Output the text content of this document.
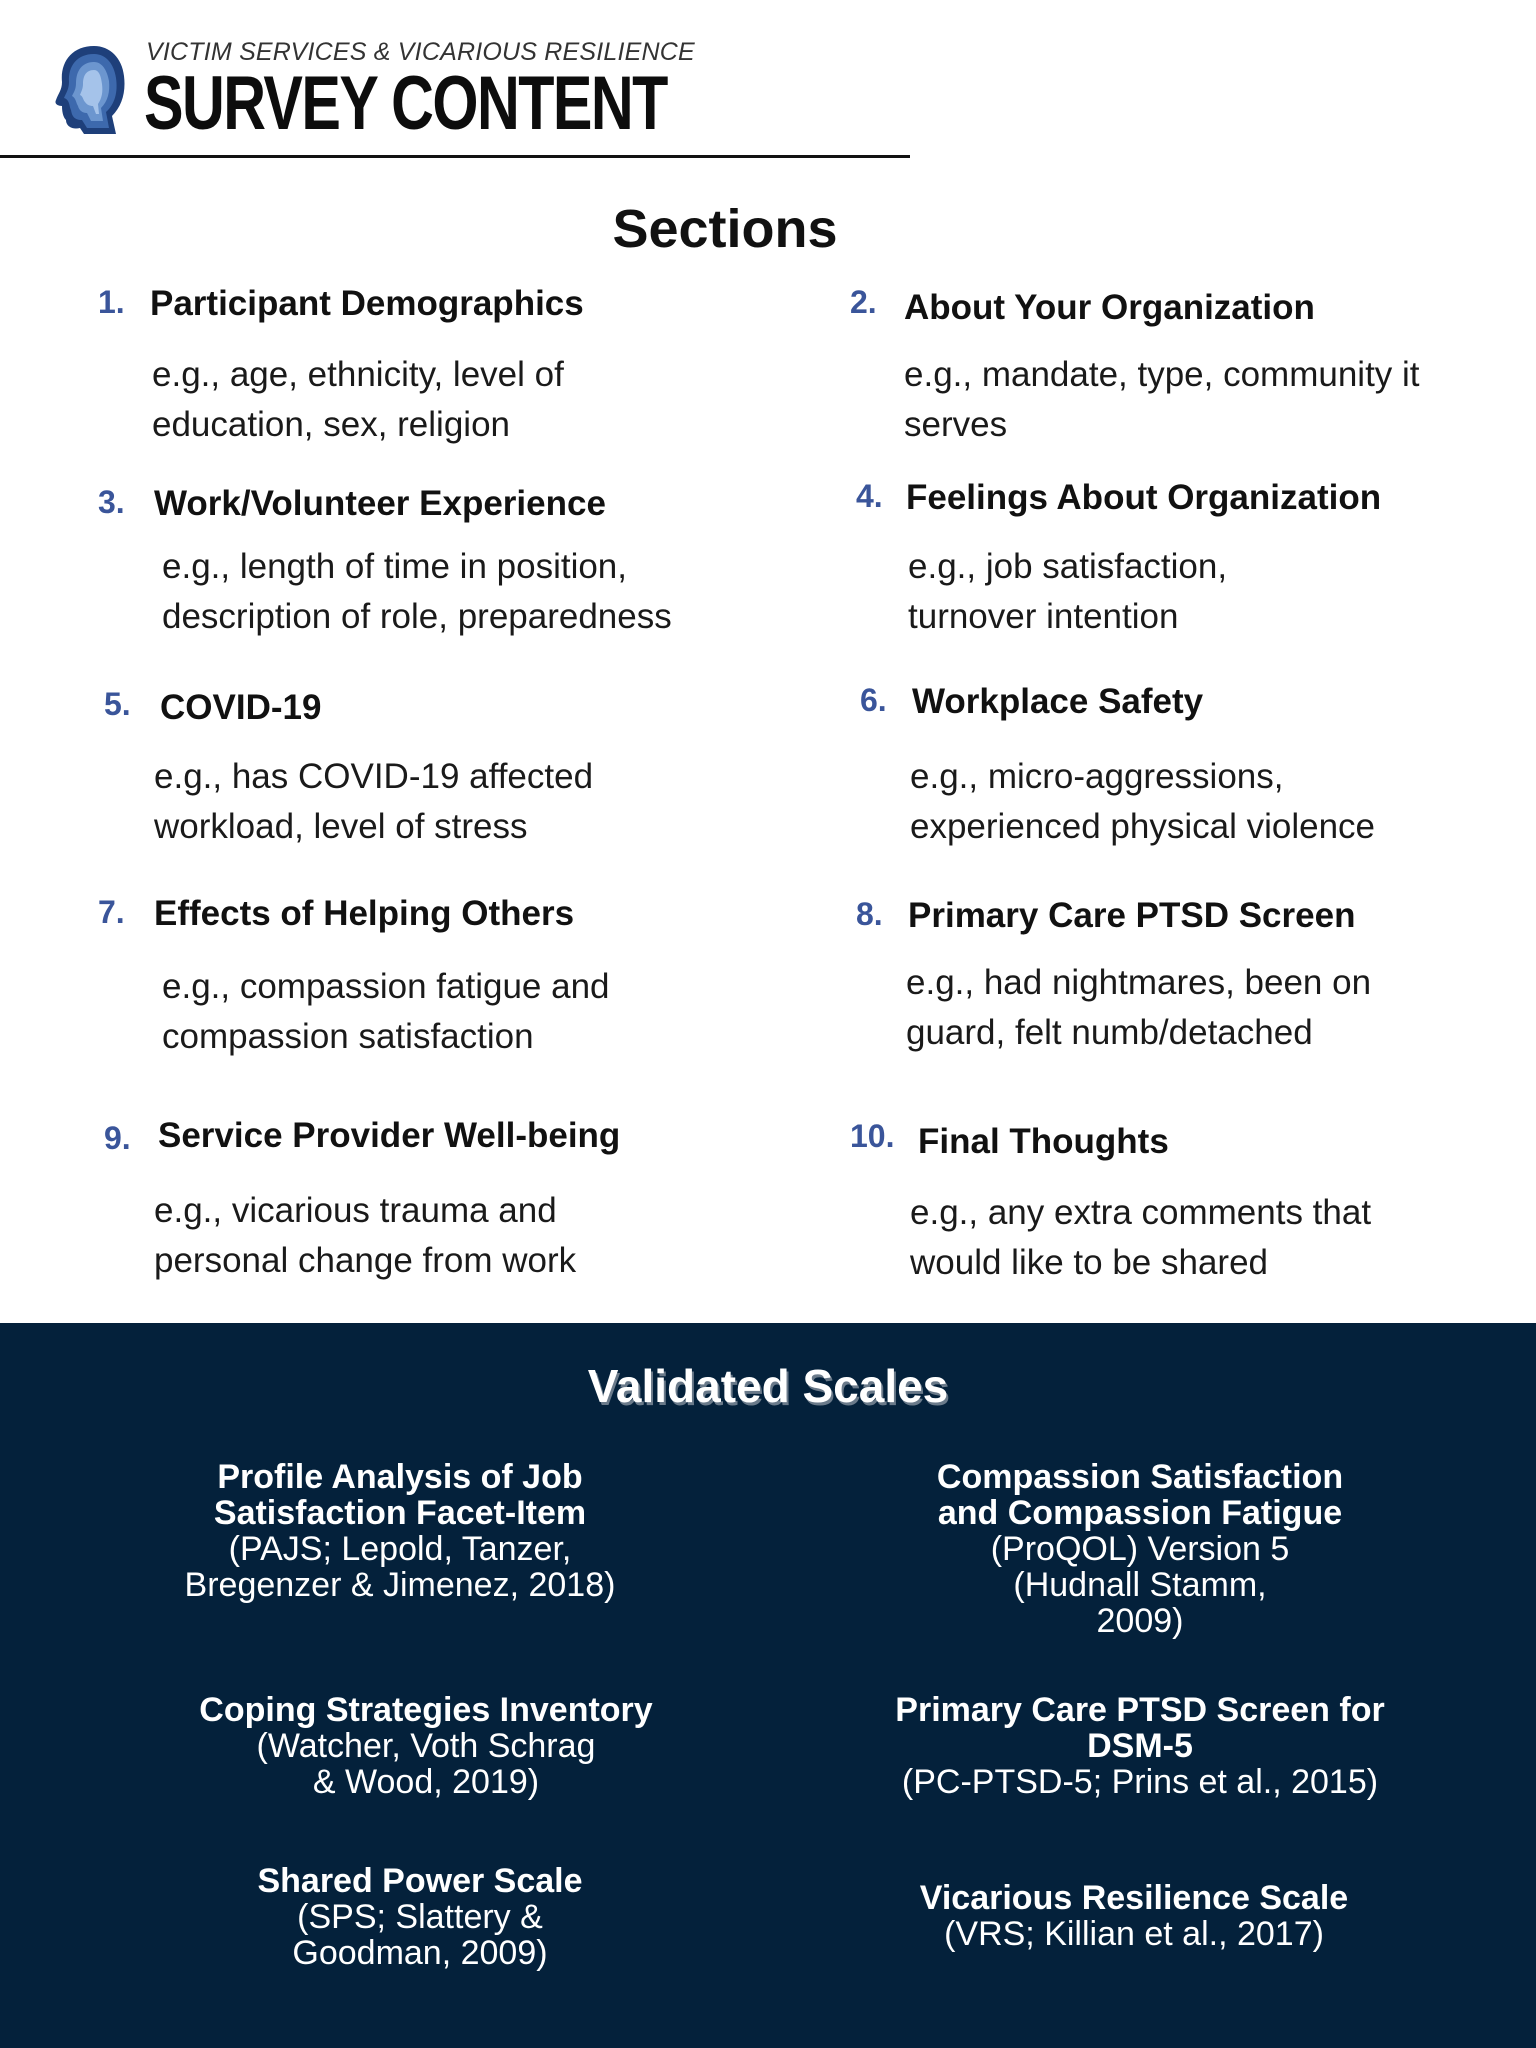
VICTIM SERVICES & VICARIOUS RESILIENCE
SURVEY CONTENT
Sections
1. Participant Demographics
e.g., age, ethnicity, level of education, sex, religion
2. About Your Organization
e.g., mandate, type, community it serves
3. Work/Volunteer Experience
e.g., length of time in position, description of role, preparedness
4. Feelings About Organization
e.g., job satisfaction, turnover intention
5. COVID-19
e.g., has COVID-19 affected workload, level of stress
6. Workplace Safety
e.g., micro-aggressions, experienced physical violence
7. Effects of Helping Others
e.g., compassion fatigue and compassion satisfaction
8. Primary Care PTSD Screen
e.g., had nightmares, been on guard, felt numb/detached
9. Service Provider Well-being
e.g., vicarious trauma and personal change from work
10. Final Thoughts
e.g., any extra comments that would like to be shared
Validated Scales
Profile Analysis of Job Satisfaction Facet-Item
(PAJS; Lepold, Tanzer, Bregenzer & Jimenez, 2018)
Compassion Satisfaction and Compassion Fatigue
(ProQOL) Version 5 (Hudnall Stamm, 2009)
Coping Strategies Inventory
(Watcher, Voth Schrag & Wood, 2019)
Primary Care PTSD Screen for DSM-5
(PC-PTSD-5; Prins et al., 2015)
Shared Power Scale
(SPS; Slattery & Goodman, 2009)
Vicarious Resilience Scale
(VRS; Killian et al., 2017)
